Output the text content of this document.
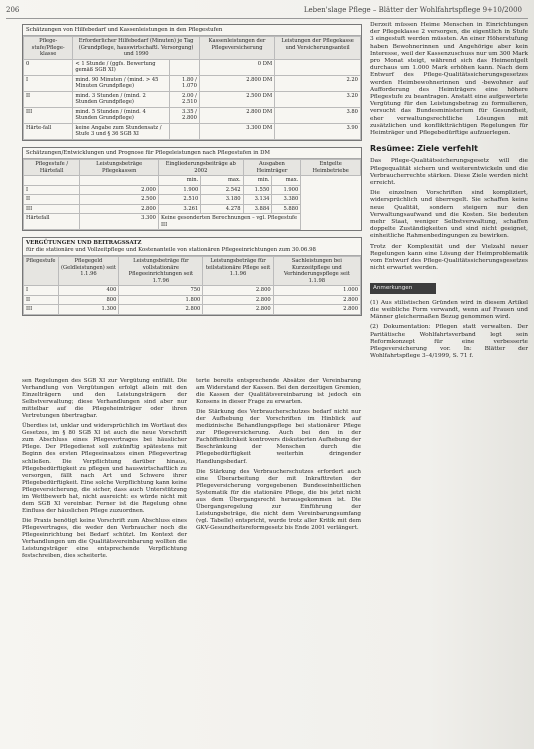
206	Leben'slage Pflege – Blätter der Wohlfahrtspflege 9+10/2000
Schätzungen von Hilfebedarf und Kassenleistungen in den Pflegestufen
Pflege-stufe/Pflege-klasse	Erforderlicher Hilfebedarf (Minuten) je Tag (Grundpflege, hauswirtschaftl. Versorgung) und 1990		Kassenleistungen der Pflegeversicherung	Leistungen der Pflegekasse und Versicherungsanteil
0	< 1 Stunde / (ggfs. Bewertung gemäß SGB XI)		0 DM	
I	mind. 90 Minuten / (mind. > 45 Minuten Grundpflege)	1.80 / 1.070	2.800 DM	2.20
II	mind. 3 Stunden / (mind. 2 Stunden Grundpflege)	2.00 / 2.510	2.500 DM	3.20
III	mind. 5 Stunden / (mind. 4 Stunden Grundpflege)	3.35 / 2.800	2.800 DM	3.80
Härte-fall	keine Angabe zum Stundensatz / Stufe 3 und § 36 SGB XI		3.300 DM	3.90
Schätzungen/Entwicklungen und Prognose für Pflegeleistungen nach Pflegestufen in DM
Pflegestufe / Härtefall	Leistungsbeträge Pflegekassen	Eingliederungsbeiträge ab 2002		Ausgaben Heimträger		Entgelte Heimbetriebe
		min.	max.	min.	max.	
I	2.000	1.900	2.542	1.550	1.900	
II	2.500	2.510	3.180	3.134	3.380	
III	2.800	3.261	4.278	3.884	5.880	
Härtefall	3.300	Keine gesonderten Berechnungen – vgl. Pflegestufe III				
VERGÜTUNGEN UND BEITRAGSSATZ
für die stationäre und Vollzeitpflege und Kostenanteile von stationären Pflegeeinrichtungen zum 30.06.98
Pflegestufe	Pflegegeld (Geldleistungen) seit 1.1.96	Leistungsbeträge für vollstationäre Pflegeeinrichtungen seit 1.7.96	Leistungsbeträge für teilstationäre Pflege seit 1.1.96	Sachleistungen bei Kurzzeitpflege und Verhinderungspflege seit 1.1.98
I	400	750	2.800	1.000
II	800	1.800	2.800	2.800
III	1.300	2.800	2.800	2.800

sen Regelungen des SGB XI zur Vergütung entfällt. Die Verhandlung von Vergütungen erfolgt allein mit den Einzelträgern und den Leistungsträgern der Selbstverwaltung; diese Verhandlungen sind aber nur mittelbar auf die Pflegeheimträger oder ihren Vertretungen übertragbar.

Überdies ist, unklar und widersprüchlich im Wortlaut des Gesetzes, im § 80 SGB XI ist auch die neue Vorschrift zum Abschluss eines Pflegevertrages bei häuslicher Pflege. Der Pflegedienst soll zukünftig spätestens mit Beginn des ersten Pflegeeinsatzes einen Pflegevertrag schließen. Die Verpflichtung darüber hinaus, Pflegebedürftigkeit zu pflegen und hauswirtschaftlich zu versorgen, fällt nach Art und Schwere ihrer Pflegebedürftigkeit. Eine solche Verpflichtung kann keine Pflegeversicherung, die sicher, dass auch Unterstützung im Wettbewerb hat, nicht ausreicht: es würde nicht mit dem SGB XI vereinbar. Ferner ist die Regelung ohne Einfluss der häuslichen Pflege zuzuordnen.

Die Praxis benötigt keine Vorschrift zum Abschluss eines Pflegevertrages, die weder den Verbraucher noch die Pflegeeinrichtung bei Bedarf schützt. Im Kontext der Verhandlungen um die Qualitätsvereinbarung wollten die Leistungsträger eine entsprechende Verpflichtung festschreiben, dies scheiterte.

terte bereits entsprechende Absätze der Vereinbarung am Widerstand der Kassen. Bei den derzeitigen Gremien, die Kassen der Qualitätsvereinbarung ist jedoch ein Konsens in dieser Frage zu erwarten.

Die Stärkung des Verbraucherschutzes bedarf nicht nur der Aufhebung der Vorschriften im Hinblick auf medizinische Behandlungspflege bei stationärer Pflege zur Pflegeversicherung. Auch bei den in der Fachöffentlichkeit kontrovers diskutierten Aufhebung der Beschränkung der Menschen durch die Pflegebedürftigkeit weiterhin dringender Handlungsbedarf.

Die Stärkung des Verbraucherschutzes erfordert auch eine Überarbeitung der mit Inkrafttreten der Pflegeversicherung vorgegebenen Bundeseinheitlichen Systematik für die stationäre Pflege, die bis jetzt nicht aus dem Übergangsrecht herausgekommen ist. Die Übergangsregelung zur Einführung der Leistungsbeträge, die nicht dem Vereinbarungsumfang (vgl. Tabelle) entspricht, wurde trotz aller Kritik mit dem GKV-Gesundheitsreformgesetz bis Ende 2001 verlängert.

Derzeit müssen Heime Menschen in Einrichtungen der Pflegeklasse 2 versorgen, die eigentlich in Stufe 3 eingestuft werden müssten. An einer Höherstufung haben Bewohnerinnen und Angehörige aber kein Interesse, weil der Kassenzuschuss nur um 300 Mark pro Monat steigt, während sich das Heimentgelt durchaus um 1.000 Mark erhöhen kann. Nach dem Entwurf des Pflege-Qualitätssicherungsgesetzes werden Heimbewohnerinnen und -bewohner auf Aufforderung des Heimträgers eine höhere Pflegestufe zu beantragen. Anstatt eine aufgewertete Vergütung für den Leistungsbetrag zu formulieren, versucht das Bundesministerium für Gesundheit, eher verwaltungsrechtliche Lösungen mit zusätzlichen und konfliktträchtigen Regelungen für Heimträger und Pflegebedürftige aufzuerlegen.

Resümee: Ziele verfehlt

Das Pflege-Qualitätssicherungsgesetz will die Pflegequalität sichern und weiterentwickeln und die Verbraucherrechte stärken. Diese Ziele werden nicht erreicht.

Die einzelnen Vorschriften sind kompliziert, widersprüchlich und überregelt. Sie schaffen keine neue Qualität, sondern steigern nur den Verwaltungsaufwand und die Kosten. Sie bedeuten mehr Staat, weniger Selbstverwaltung, schaffen doppelte Zuständigkeiten und sind nicht geeignet, einheitliche Rahmenbedingungen zu bewirken.

Trotz der Komplexität und der Vielzahl neuer Regelungen kann eine Lösung der Heimproblematik vom Entwurf des Pflege-Qualitätssicherungsgesetzes nicht erwartet werden.

Anmerkungen

(1) Aus stilistischen Gründen wird in diesem Artikel die weibliche Form verwandt, wenn auf Frauen und Männer gleichermaßen Bezug genommen wird.

(2) Dokumentation: Pflegen statt verwalten. Der Paritätische Wohlfahrtsverband legt sein Reformkonzept für eine verbesserte Pflegeversicherung vor. In: Blätter der Wohlfahrtspflege 3–4/1999, S. 71 f.
